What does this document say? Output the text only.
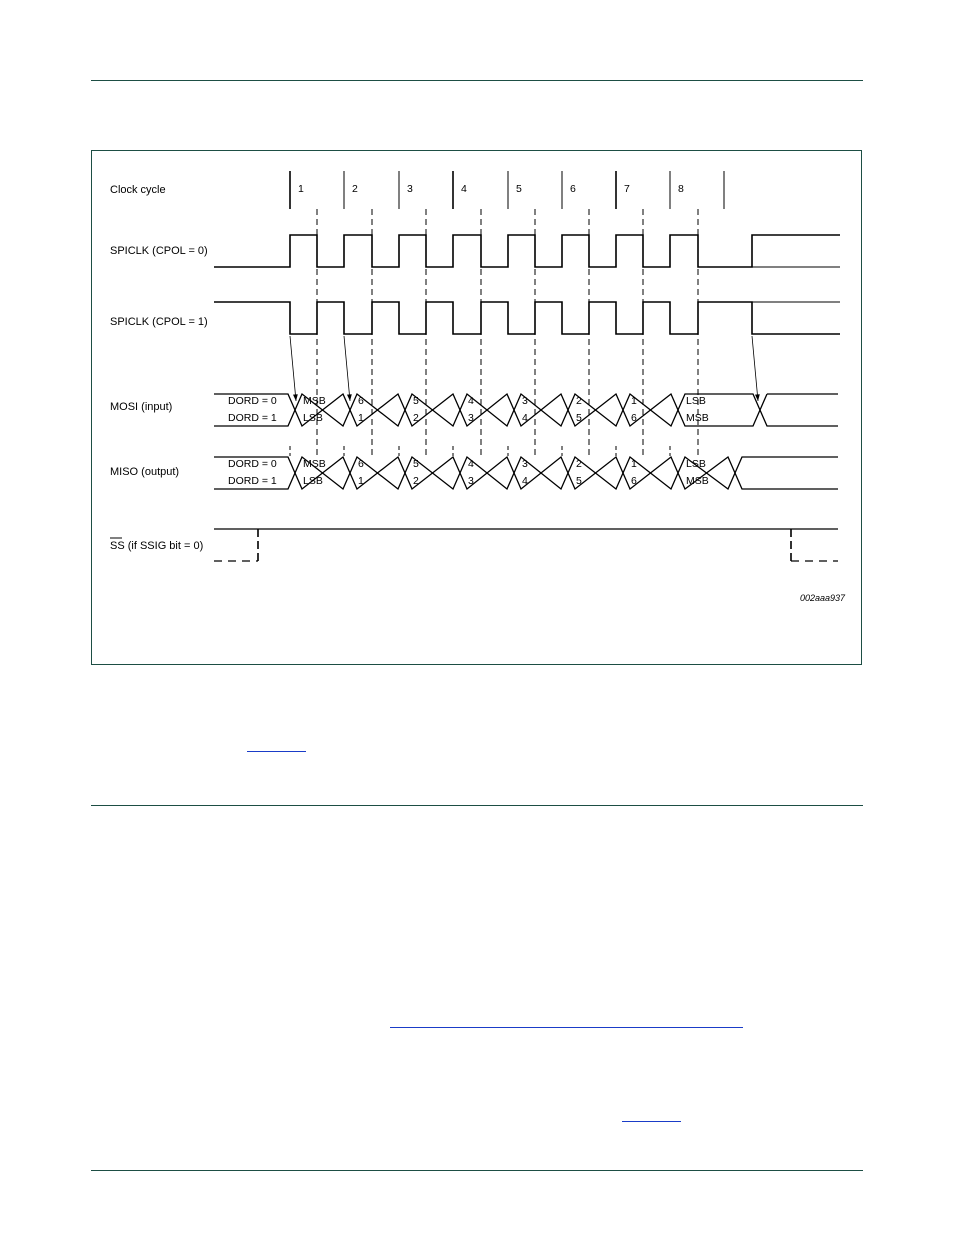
Clock cycle
SPICLK (CPOL = 0)
SPICLK (CPOL = 1)
MOSI (input)
MISO (output)
SS (if SSIG bit = 0)
DORD = 0
DORD = 1
DORD = 0
DORD = 1
002aaa937
1	2	3	4	5	6	7	8
MSB	6	5	4	3	2	1	LSB
LSB	1	2	3	4	5	6	MSB
MSB	6	5	4	3	2	1	LSB
LSB	1	2	3	4	5	6	MSB
